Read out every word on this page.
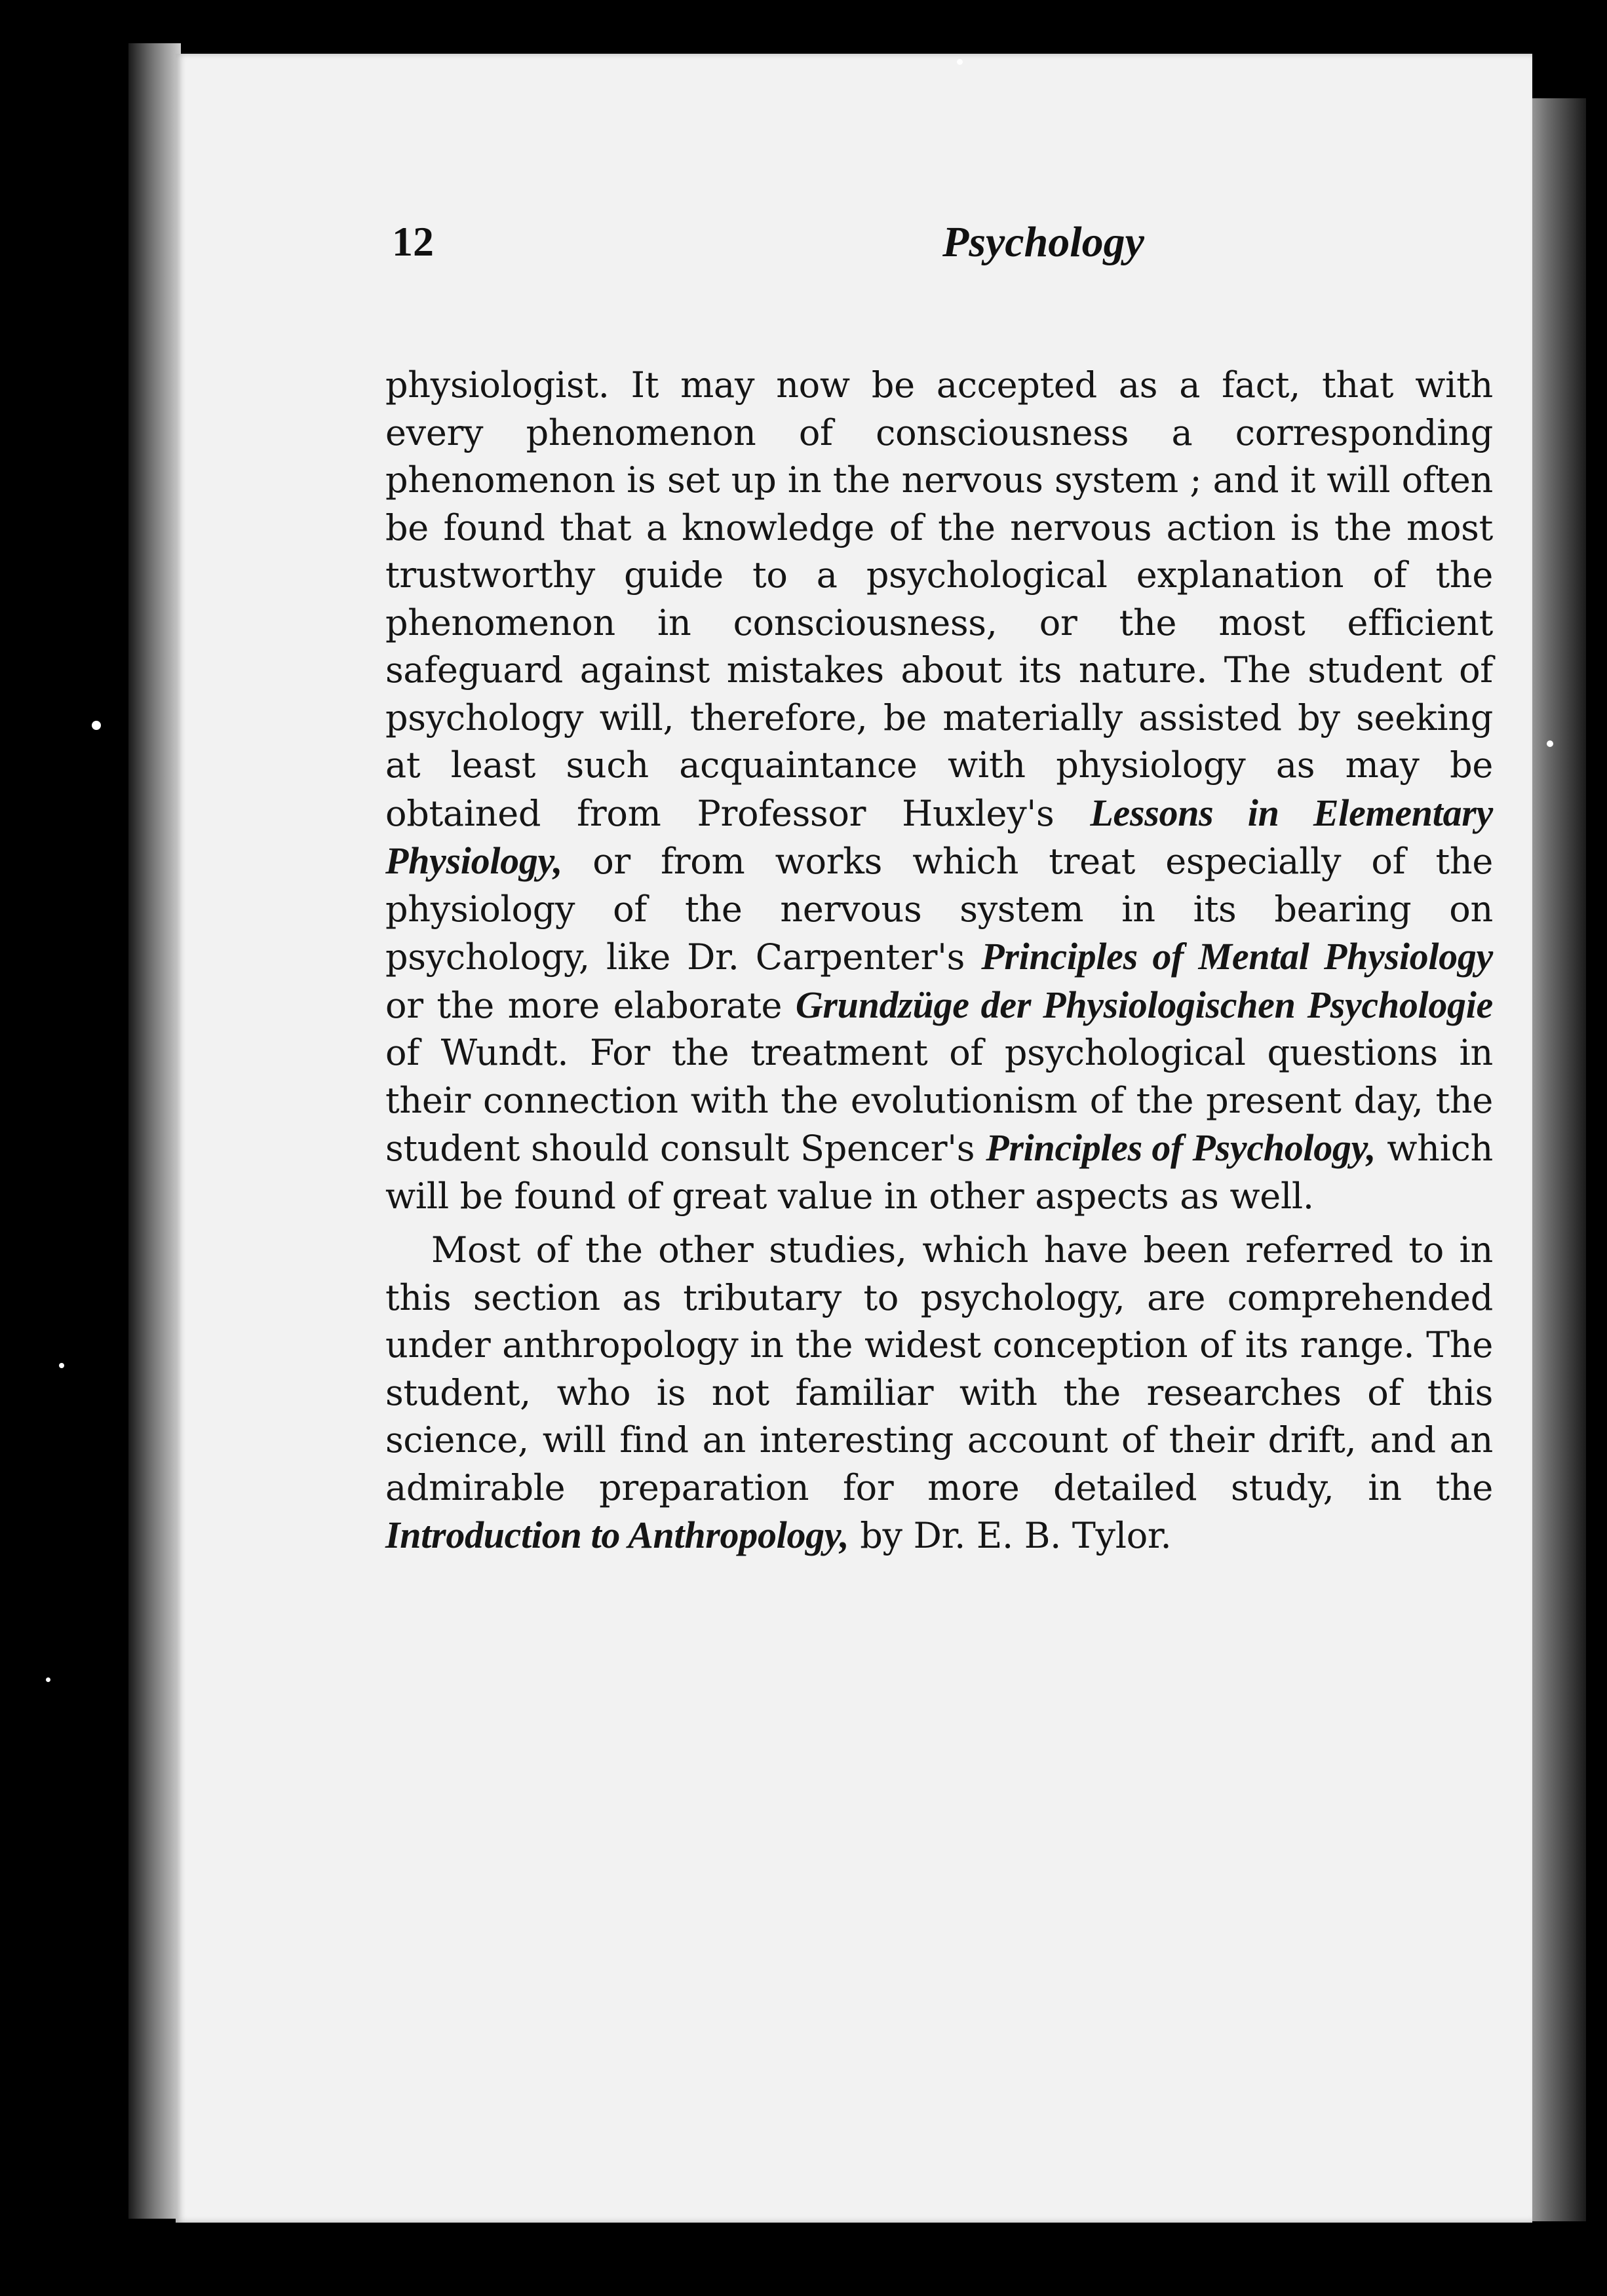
12	Psychology

physiologist. It may now be accepted as a fact, that with every phenomenon of consciousness a corresponding phenomenon is set up in the nervous system ; and it will often be found that a knowledge of the nervous action is the most trustworthy guide to a psychological explanation of the phenomenon in consciousness, or the most efficient safeguard against mistakes about its nature. The student of psychology will, therefore, be materially assisted by seeking at least such acquaintance with physiology as may be obtained from Professor Huxley's Lessons in Elementary Physiology, or from works which treat especially of the physiology of the nervous system in its bearing on psychology, like Dr. Carpenter's Principles of Mental Physiology or the more elaborate Grundzüge der Physiologischen Psychologie of Wundt. For the treatment of psychological questions in their connection with the evolutionism of the present day, the student should consult Spencer's Principles of Psychology, which will be found of great value in other aspects as well.

Most of the other studies, which have been referred to in this section as tributary to psychology, are comprehended under anthropology in the widest conception of its range. The student, who is not familiar with the researches of this science, will find an interesting account of their drift, and an admirable preparation for more detailed study, in the Introduction to Anthropology, by Dr. E. B. Tylor.
